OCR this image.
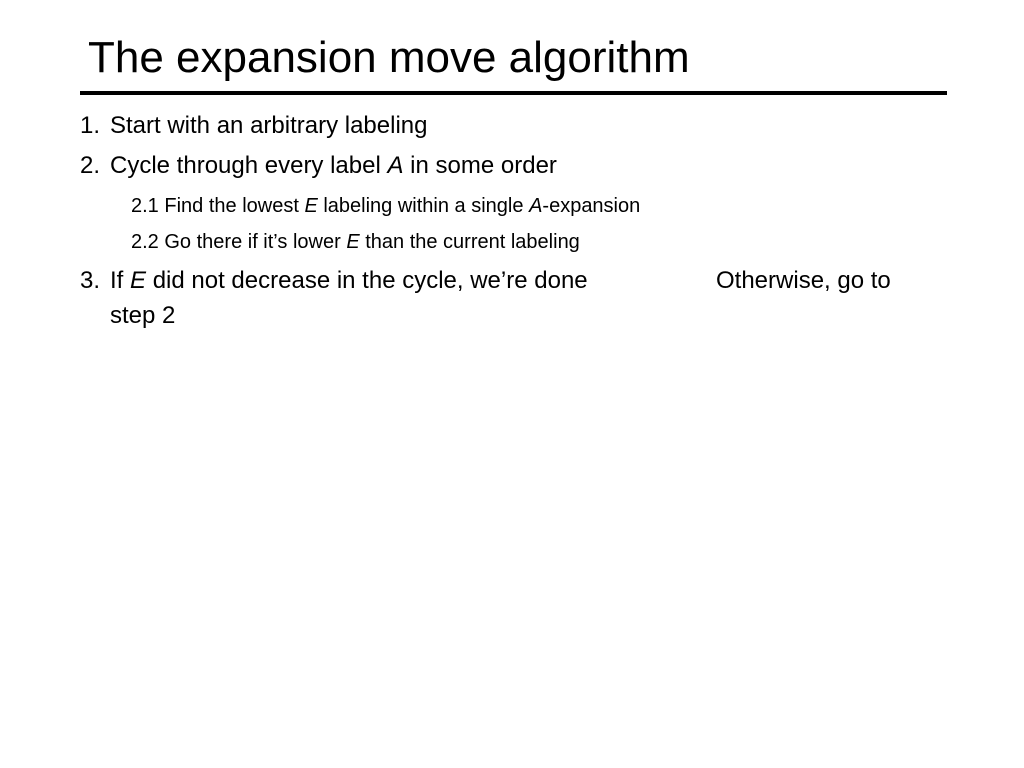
The expansion move algorithm
1. Start with an arbitrary labeling
2. Cycle through every label A in some order
2.1 Find the lowest E labeling within a single A-expansion
2.2 Go there if it’s lower E than the current labeling
3. If E did not decrease in the cycle, we’re done	Otherwise, go to
step 2
